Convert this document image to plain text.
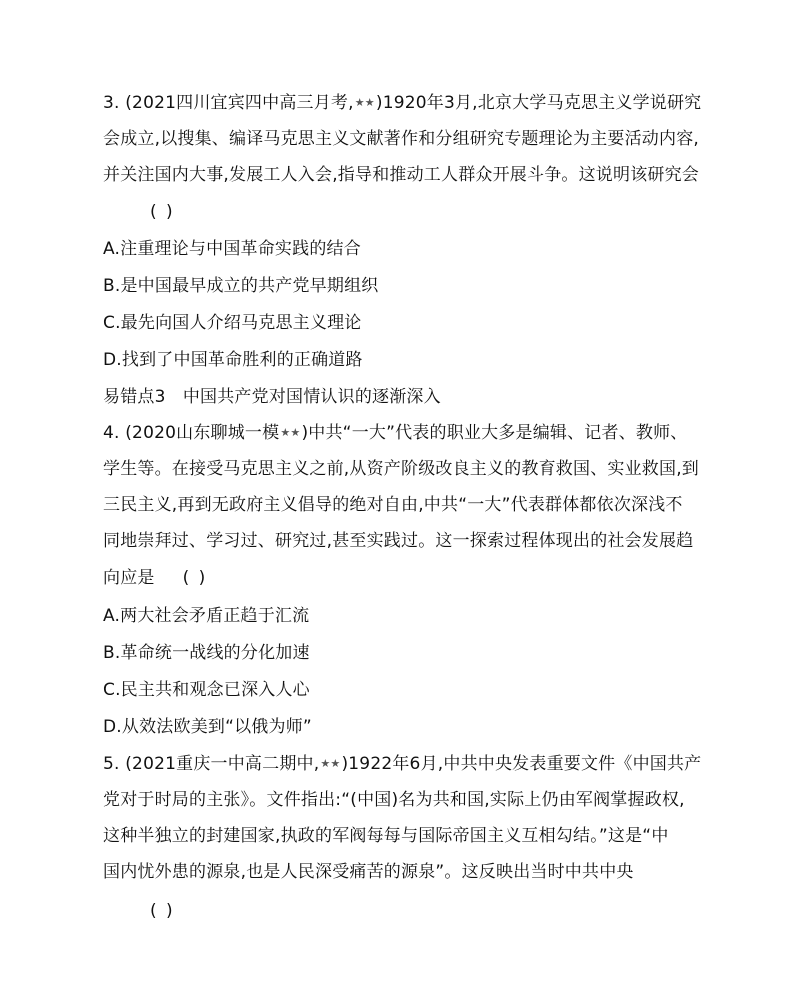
3. (2021四川宜宾四中高三月考,★★)1920年3月,北京大学马克思主义学说研究
会成立,以搜集、编译马克思主义文献著作和分组研究专题理论为主要活动内容,
并关注国内大事,发展工人入会,指导和推动工人群众开展斗争。这说明该研究会
( )
A.注重理论与中国革命实践的结合
B.是中国最早成立的共产党早期组织
C.最先向国人介绍马克思主义理论
D.找到了中国革命胜利的正确道路
易错点3　中国共产党对国情认识的逐渐深入
4. (2020山东聊城一模★★)中共“一大”代表的职业大多是编辑、记者、教师、
学生等。在接受马克思主义之前,从资产阶级改良主义的教育救国、实业救国,到
三民主义,再到无政府主义倡导的绝对自由,中共“一大”代表群体都依次深浅不
同地崇拜过、学习过、研究过,甚至实践过。这一探索过程体现出的社会发展趋
向应是 ( )
A.两大社会矛盾正趋于汇流
B.革命统一战线的分化加速
C.民主共和观念已深入人心
D.从效法欧美到“以俄为师”
5. (2021重庆一中高二期中,★★)1922年6月,中共中央发表重要文件《中国共产
党对于时局的主张》。文件指出:“(中国)名为共和国,实际上仍由军阀掌握政权,
这种半独立的封建国家,执政的军阀每每与国际帝国主义互相勾结。”这是“中
国内忧外患的源泉,也是人民深受痛苦的源泉”。这反映出当时中共中央
( )
